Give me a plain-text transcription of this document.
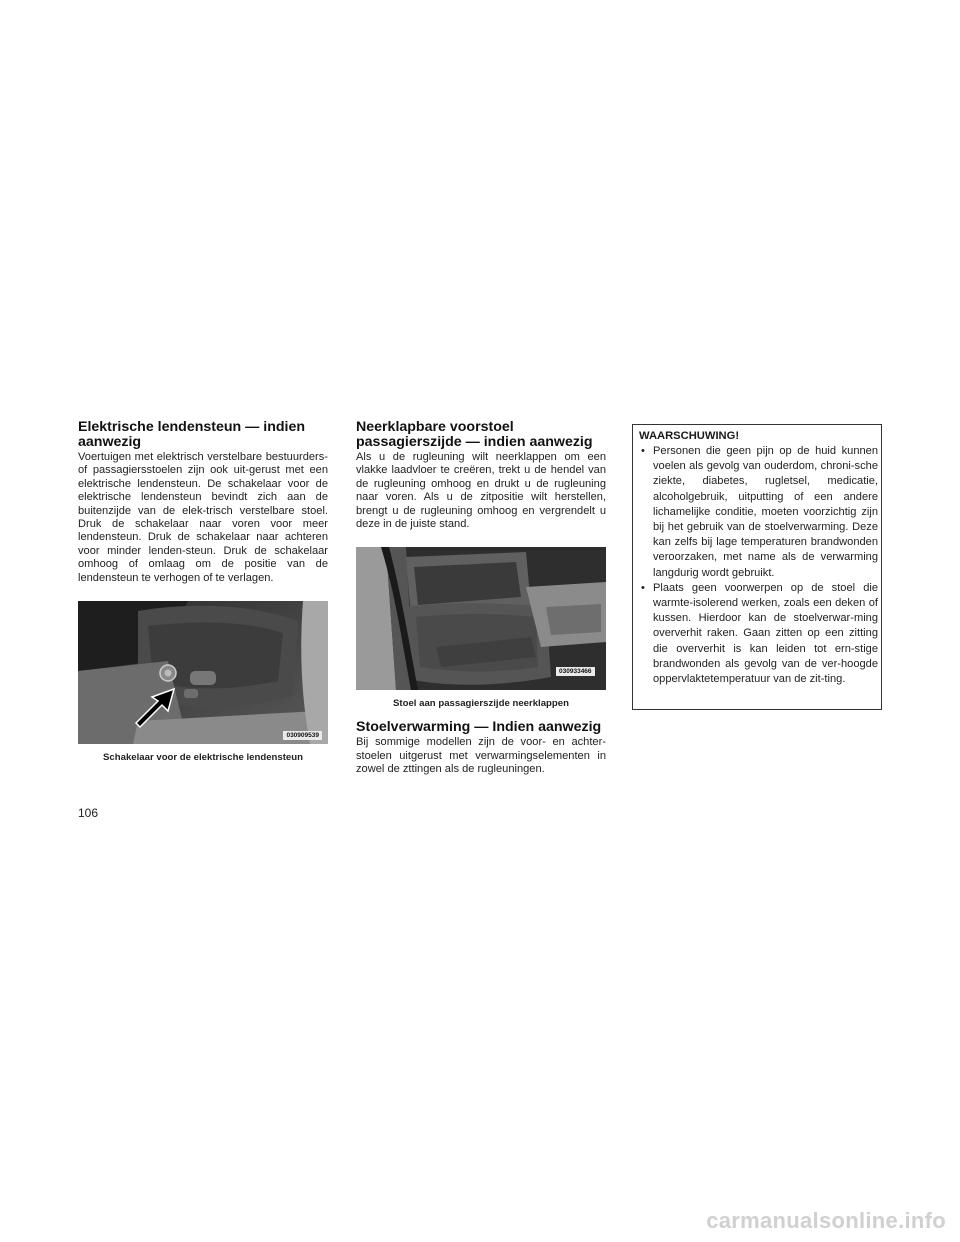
Elektrische lendensteun — indien aanwezig

Voertuigen met elektrisch verstelbare bestuurders- of passagiersstoelen zijn ook uit-gerust met een elektrische lendensteun. De schakelaar voor de elektrische lendensteun bevindt zich aan de buitenzijde van de elek-trisch verstelbare stoel. Druk de schakelaar naar voren voor meer lendensteun. Druk de schakelaar naar achteren voor minder lenden-steun. Druk de schakelaar omhoog of omlaag om de positie van de lendensteun te verhogen of te verlagen.

030909539
Schakelaar voor de elektrische lendensteun
Neerklapbare voorstoel passagierszijde — indien aanwezig

Als u de rugleuning wilt neerklappen om een vlakke laadvloer te creëren, trekt u de hendel van de rugleuning omhoog en drukt u de rugleuning naar voren. Als u de zitpositie wilt herstellen, brengt u de rugleuning omhoog en vergrendelt u deze in de juiste stand.

030933466
Stoel aan passagierszijde neerklappen
Stoelverwarming — Indien aanwezig

Bij sommige modellen zijn de voor- en achter-stoelen uitgerust met verwarmingselementen in zowel de zttingen als de rugleuningen.

WAARSCHUWING!
• Personen die geen pijn op de huid kunnen voelen als gevolg van ouderdom, chroni-sche ziekte, diabetes, rugletsel, medicatie, alcoholgebruik, uitputting of een andere lichamelijke conditie, moeten voorzichtig zijn bij het gebruik van de stoelverwarming. Deze kan zelfs bij lage temperaturen brandwonden veroorzaken, met name als de verwarming langdurig wordt gebruikt.
• Plaats geen voorwerpen op de stoel die warmte-isolerend werken, zoals een deken of kussen. Hierdoor kan de stoelverwar-ming oververhit raken. Gaan zitten op een zitting die oververhit is kan leiden tot ern-stige brandwonden als gevolg van de ver-hoogde oppervlaktetemperatuur van de zit-ting.
106
carmanualsonline.info
